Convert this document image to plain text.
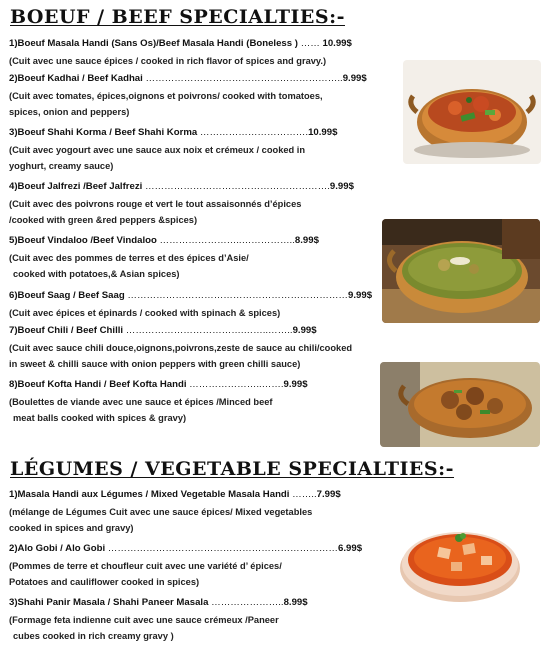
BOEUF / BEEF SPECIALTIES:-
1)Boeuf Masala Handi (Sans Os)/Beef Masala Handi (Boneless ) …… 10.99$
(Cuit avec une sauce épices / cooked in rich flavor of spices and gravy.)
2)Boeuf Kadhai / Beef Kadhai ……………………………………………………..9.99$
(Cuit avec tomates, épices,oignons et poivrons/ cooked with tomatoes,
spices, onion and peppers)
3)Boeuf Shahi Korma / Beef Shahi Korma …………………………….10.99$
(Cuit avec yogourt avec une sauce aux noix et crémeux / cooked in
yoghurt, creamy sauce)
4)Boeuf Jalfrezi /Beef Jalfrezi ………………………………………………….9.99$
(Cuit avec des poivrons rouge et vert le tout assaisonnés d’épices
/cooked with green &red peppers &spices)
5)Boeuf Vindaloo /Beef Vindaloo ……………………..……………..8.99$
(Cuit avec des pommes de terres et des épices d’Asie/
cooked with potatoes,& Asian spices)
6)Boeuf Saag / Beef Saag ……………………………………………………………9.99$
(Cuit avec épices et épinards / cooked with spinach & spices)
7)Boeuf Chili / Beef Chilli ……………………………….……..……..9.99$
(Cuit avec sauce chili douce,oignons,poivrons,zeste de sauce au chili/cooked
in sweet & chilli sauce with onion peppers with green chilli sauce)
8)Boeuf Kofta Handi / Beef Kofta Handi …………………..…….9.99$
(Boulettes de viande avec une sauce et épices /Minced beef
meat balls cooked with spices & gravy)
LÉGUMES / VEGETABLE SPECIALTIES:-
1)Masala Handi aux Légumes / Mixed Vegetable Masala Handi ……..7.99$
(mélange de Légumes Cuit avec une sauce épices/ Mixed vegetables
cooked in spices and gravy)
2)Alo Gobi / Alo Gobi ………………………………………………………………6.99$
(Pommes de terre et choufleur cuit avec une variété d’ épices/
Potatoes and cauliflower cooked in spices)
3)Shahi Panir Masala / Shahi Paneer Masala …………………..8.99$
(Formage feta indienne cuit avec une sauce crémeux /Paneer
cubes cooked in rich creamy gravy )
